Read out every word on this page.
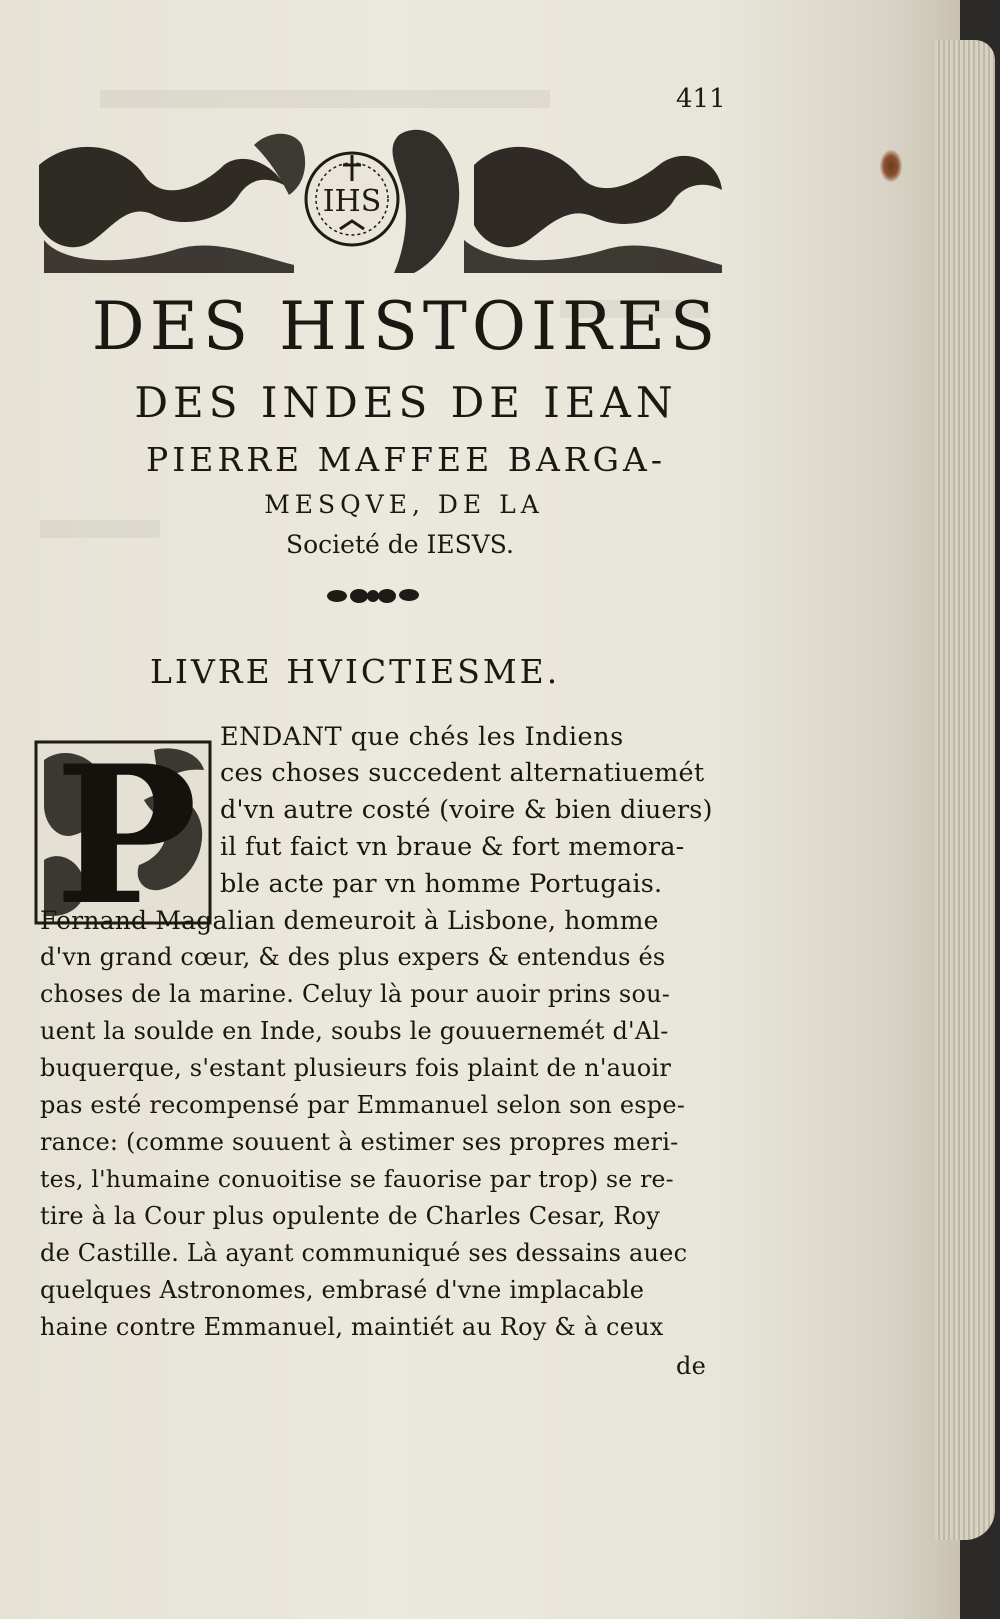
411
IHS
DES HISTOIRES
DES INDES DE IEAN
PIERRE MAFFEE BARGA-
MESQVE, DE LA
Societé de IESVS.
LIVRE HVICTIESME.
P ENDANT que chés les Indiens
ces choses succedent alternatiuemét
d'vn autre costé (voire & bien diuers)
il fut faict vn braue & fort memora-
ble acte par vn homme Portugais.
Fernand Magalian demeuroit à Lisbone, homme
d'vn grand cœur, & des plus expers & entendus és
choses de la marine. Celuy là pour auoir prins sou-
uent la soulde en Inde, soubs le gouuernemét d'Al-
buquerque, s'estant plusieurs fois plaint de n'auoir
pas esté recompensé par Emmanuel selon son espe-
rance: (comme souuent à estimer ses propres meri-
tes, l'humaine conuoitise se fauorise par trop) se re-
tire à la Cour plus opulente de Charles Cesar, Roy
de Castille. Là ayant communiqué ses dessains auec
quelques Astronomes, embrasé d'vne implacable
haine contre Emmanuel, maintiét au Roy & à ceux
de
